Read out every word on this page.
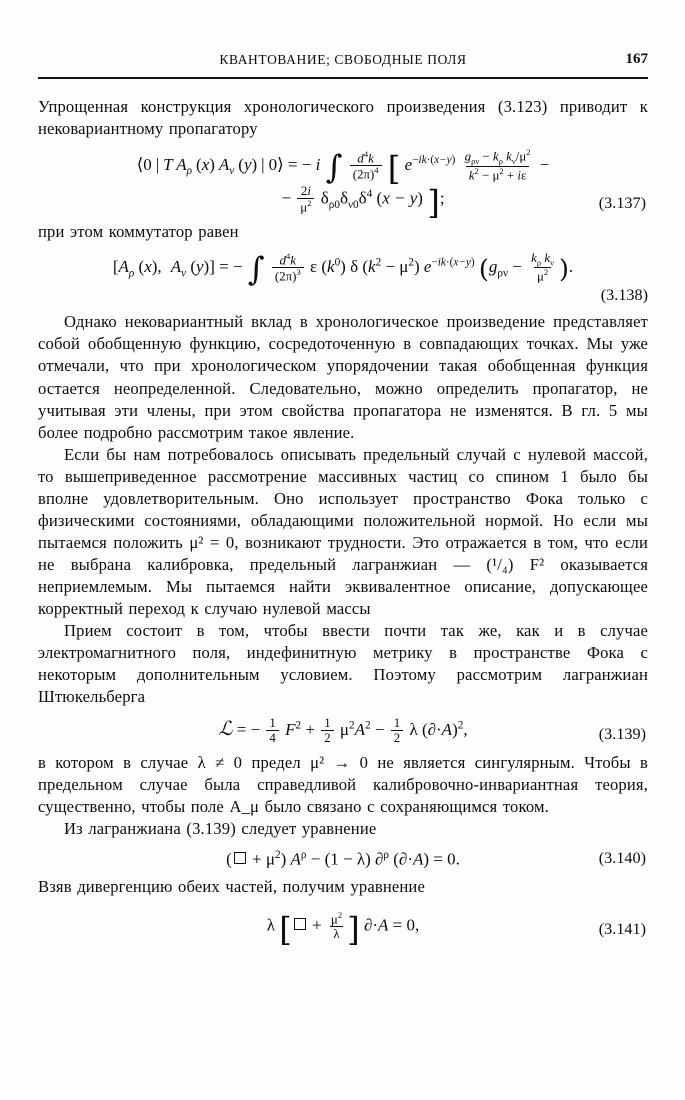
КВАНТОВАНИЕ; СВОБОДНЫЕ ПОЛЯ	167

Упрощенная конструкция хронологического произведения (3.123) приводит к нековариантному пропагатору

⟨0 | T $A_\rho$ (x) $A_\nu$ (y) | 0⟩ = − i ∫ $\frac{d^4k}{(2\pi)^4}$ [ $e^{-ik\cdot(x-y)} \frac{g_{\rho\nu} - k_\rho k_\nu/\mu^2}{k^2 - \mu^2 + i\varepsilon}$ −
− $\frac{2i}{\mu^2} \delta_{\rho 0}\delta_{\nu 0}\delta^4$ (x − y) ];	(3.137)

при этом коммутатор равен

[$A_\rho$ (x), $A_\nu$ (y)] = − ∫ $\frac{d^4k}{(2\pi)^3}$ ε $(k^0)$ δ $(k^2 - \mu^2)$ $e^{-ik\cdot(x-y)}$ ($g_{\rho\nu} - \frac{k_\rho k_\nu}{\mu^2}$ ).
(3.138)

Однако нековариантный вклад в хронологическое произведение представляет собой обобщенную функцию, сосредоточенную в совпадающих точках. Мы уже отмечали, что при хронологическом упорядочении такая обобщенная функция остается неопределенной. Следовательно, можно определить пропагатор, не учитывая эти члены, при этом свойства пропагатора не изменятся. В гл. 5 мы более подробно рассмотрим такое явление.

Если бы нам потребовалось описывать предельный случай с нулевой массой, то вышеприведенное рассмотрение массивных частиц со спином 1 было бы вполне удовлетворительным. Оно использует пространство Фока только с физическими состояниями, обладающими положительной нормой. Но если мы пытаемся положить μ² = 0, возникают трудности. Это отражается в том, что если не выбрана калибровка, предельный лагранжиан — (¹/₄) F² оказывается неприемлемым. Мы пытаемся найти эквивалентное описание, допускающее корректный переход к случаю нулевой массы

Прием состоит в том, чтобы ввести почти так же, как и в случае электромагнитного поля, индефинитную метрику в пространстве Фока с некоторым дополнительным условием. Поэтому рассмотрим лагранжиан Штюкельберга

ℒ = − $\frac{1}{4} F^2 + \frac{1}{2} \mu^2A^2 - \frac{1}{2}$ λ $(\partial\cdot A)^2$,	(3.139)

в котором в случае λ ≠ 0 предел μ² → 0 не является сингулярным. Чтобы в предельном случае была справедливой калибровочно-инвариантная теория, существенно, чтобы поле A_μ было связано с сохраняющимся током.

Из лагранжиана (3.139) следует уравнение

( + $\mu^2$) $A^\rho - (1 - \lambda)$ ∂$^\rho$ (∂·A) = 0.	(3.140)

Взяв дивергенцию обеих частей, получим уравнение

λ [ + $\frac{\mu^2}{\lambda}$ ] ∂·A = 0,	(3.141)
